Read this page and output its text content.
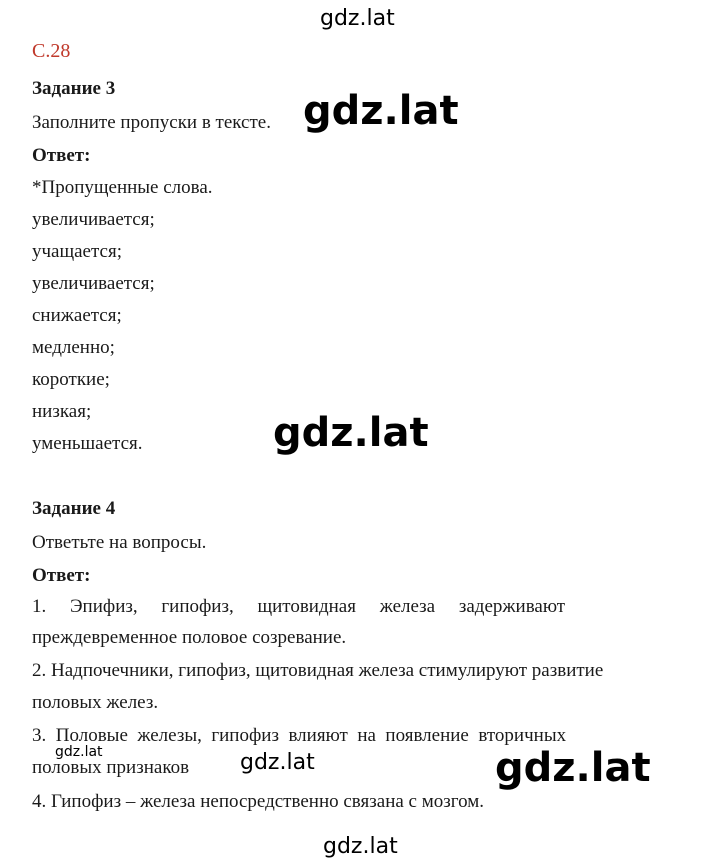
gdz.lat
gdz.lat
gdz.lat
gdz.lat	gdz.lat	gdz.lat
gdz.lat
С.28
Задание 3
Заполните пропуски в тексте.
Ответ:
*Пропущенные слова.
увеличивается;
учащается;
увеличивается;
снижается;
медленно;
короткие;
низкая;
уменьшается.
Задание 4
Ответьте на вопросы.
Ответ:
1.     Эпифиз,     гипофиз,     щитовидная     железа     задерживают
преждевременное половое созревание.
2. Надпочечники, гипофиз, щитовидная железа стимулируют развитие
половых желез.
3.  Половые  железы,  гипофиз  влияют  на  появление  вторичных
половых признаков
4. Гипофиз – железа непосредственно связана с мозгом.
